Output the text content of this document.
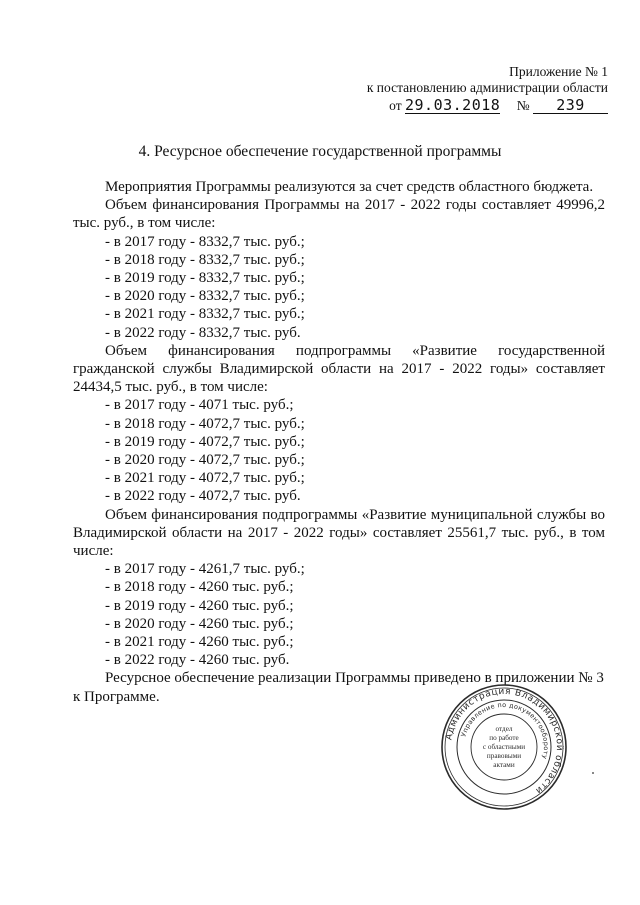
Приложение № 1
к постановлению администрации области
от 29.03.2018 № 239
4. Ресурсное обеспечение государственной программы

Мероприятия Программы реализуются за счет средств областного бюджета.

Объем финансирования Программы на 2017 - 2022 годы составляет 49996,2

тыс. руб., в том числе:

- в 2017 году - 8332,7 тыс. руб.;

- в 2018 году - 8332,7 тыс. руб.;

- в 2019 году - 8332,7 тыс. руб.;

- в 2020 году - 8332,7 тыс. руб.;

- в 2021 году - 8332,7 тыс. руб.;

- в 2022 году - 8332,7 тыс. руб.

Объем финансирования подпрограммы «Развитие государственной

гражданской службы Владимирской области на 2017 - 2022 годы» составляет

24434,5 тыс. руб., в том числе:

- в 2017 году - 4071 тыс. руб.;

- в 2018 году - 4072,7 тыс. руб.;

- в 2019 году - 4072,7 тыс. руб.;

- в 2020 году - 4072,7 тыс. руб.;

- в 2021 году - 4072,7 тыс. руб.;

- в 2022 году - 4072,7 тыс. руб.

Объем финансирования подпрограммы «Развитие муниципальной службы во

Владимирской области на 2017 - 2022 годы» составляет 25561,7 тыс. руб., в том

числе:

- в 2017 году - 4261,7 тыс. руб.;

- в 2018 году - 4260 тыс. руб.;

- в 2019 году - 4260 тыс. руб.;

- в 2020 году - 4260 тыс. руб.;

- в 2021 году - 4260 тыс. руб.;

- в 2022 году - 4260 тыс. руб.

Ресурсное обеспечение реализации Программы приведено в приложении № 3

к Программе.

Администрация Владимирской области
Управление по документообороту
отдел
по работе
с областными
правовыми
актами
